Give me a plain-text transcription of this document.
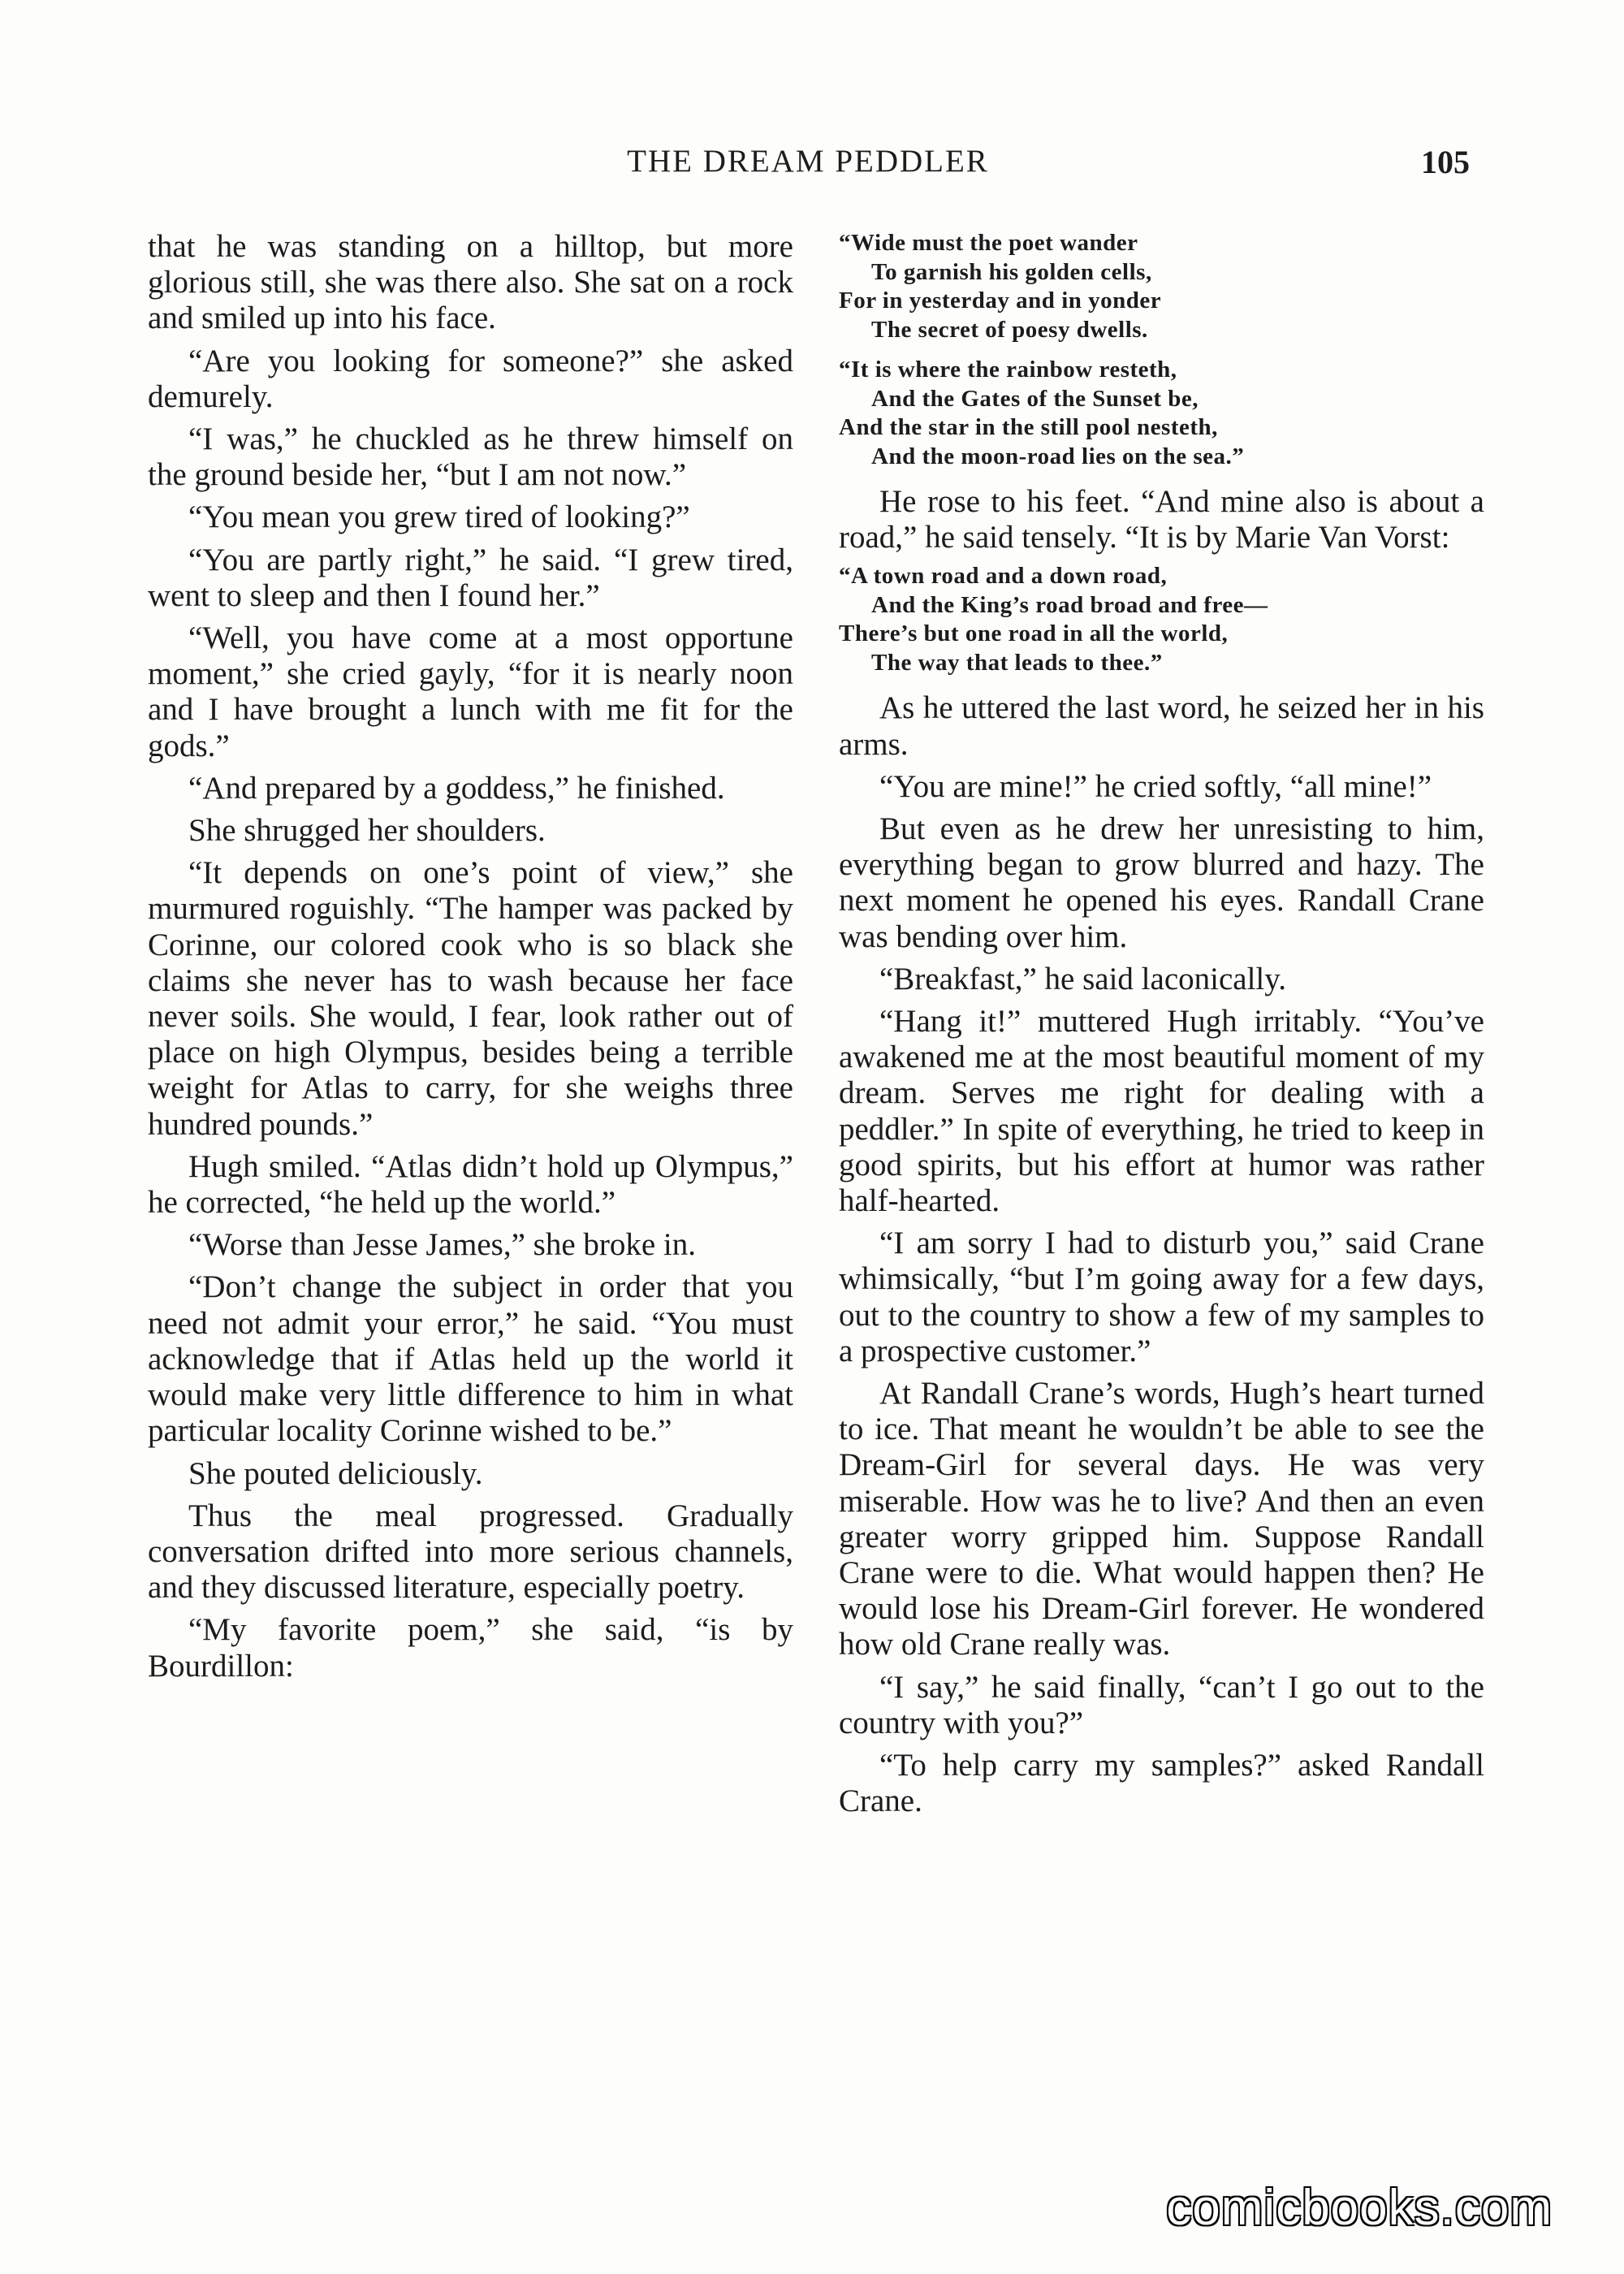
THE DREAM PEDDLER	105

that he was standing on a hilltop, but more glorious still, she was there also. She sat on a rock and smiled up into his face.

“Are you looking for someone?” she asked demurely.

“I was,” he chuckled as he threw himself on the ground beside her, “but I am not now.”

“You mean you grew tired of looking?”

“You are partly right,” he said. “I grew tired, went to sleep and then I found her.”

“Well, you have come at a most opportune moment,” she cried gayly, “for it is nearly noon and I have brought a lunch with me fit for the gods.”

“And prepared by a goddess,” he finished.

She shrugged her shoulders.

“It depends on one’s point of view,” she murmured roguishly. “The hamper was packed by Corinne, our colored cook who is so black she claims she never has to wash because her face never soils. She would, I fear, look rather out of place on high Olympus, besides being a terrible weight for Atlas to carry, for she weighs three hundred pounds.”

Hugh smiled. “Atlas didn’t hold up Olympus,” he corrected, “he held up the world.”

“Worse than Jesse James,” she broke in.

“Don’t change the subject in order that you need not admit your error,” he said. “You must acknowledge that if Atlas held up the world it would make very little difference to him in what particular locality Corinne wished to be.”

She pouted deliciously.

Thus the meal progressed. Gradually conversation drifted into more serious channels, and they discussed literature, especially poetry.

“My favorite poem,” she said, “is by Bourdillon:

“Wide must the poet wander
To garnish his golden cells,
For in yesterday and in yonder
The secret of poesy dwells.
“It is where the rainbow resteth,
And the Gates of the Sunset be,
And the star in the still pool nesteth,
And the moon-road lies on the sea.”

He rose to his feet. “And mine also is about a road,” he said tensely. “It is by Marie Van Vorst:

“A town road and a down road,
And the King’s road broad and free—
There’s but one road in all the world,
The way that leads to thee.”

As he uttered the last word, he seized her in his arms.

“You are mine!” he cried softly, “all mine!”

But even as he drew her unresisting to him, everything began to grow blurred and hazy. The next moment he opened his eyes. Randall Crane was bending over him.

“Breakfast,” he said laconically.

“Hang it!” muttered Hugh irritably. “You’ve awakened me at the most beautiful moment of my dream. Serves me right for dealing with a peddler.” In spite of everything, he tried to keep in good spirits, but his effort at humor was rather half-hearted.

“I am sorry I had to disturb you,” said Crane whimsically, “but I’m going away for a few days, out to the country to show a few of my samples to a prospective customer.”

At Randall Crane’s words, Hugh’s heart turned to ice. That meant he wouldn’t be able to see the Dream-Girl for several days. He was very miserable. How was he to live? And then an even greater worry gripped him. Suppose Randall Crane were to die. What would happen then? He would lose his Dream-Girl forever. He wondered how old Crane really was.

“I say,” he said finally, “can’t I go out to the country with you?”

“To help carry my samples?” asked Randall Crane.

comicbooks.com
